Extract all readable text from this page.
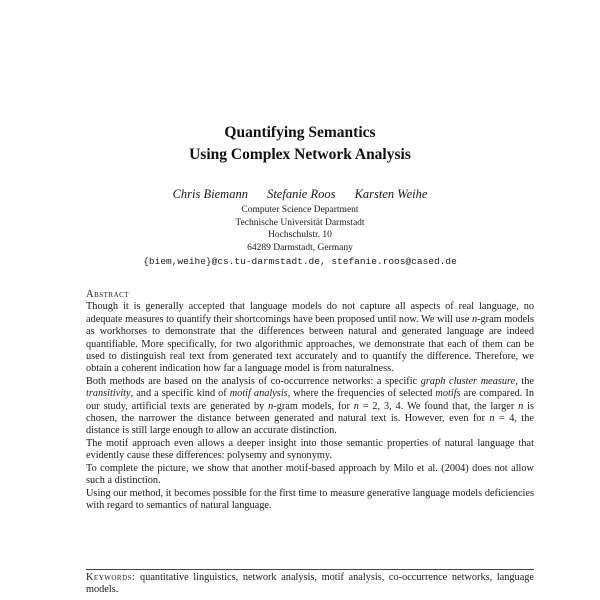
Quantifying Semantics
Using Complex Network Analysis
Chris Biemann Stefanie Roos Karsten Weihe
Computer Science Department
Technische Universität Darmstadt
Hochschulstr. 10
64289 Darmstadt, Germany
{biem,weihe}@cs.tu-darmstadt.de, stefanie.roos@cased.de

Abstract
Though it is generally accepted that language models do not capture all aspects of real language, no adequate measures to quantify their shortcomings have been proposed until now. We will use n-gram models as workhorses to demonstrate that the differences between natural and generated language are indeed quantifiable. More specifically, for two algorithmic approaches, we demonstrate that each of them can be used to distinguish real text from generated text accurately and to quantify the difference. Therefore, we obtain a coherent indication how far a language model is from naturalness.

Both methods are based on the analysis of co-occurrence networks: a specific graph cluster measure, the transitivity, and a specific kind of motif analysis, where the frequencies of selected motifs are compared. In our study, artificial texts are generated by n-gram models, for n = 2, 3, 4. We found that, the larger n is chosen, the narrower the distance between generated and natural text is. However, even for n = 4, the distance is still large enough to allow an accurate distinction.

The motif approach even allows a deeper insight into those semantic properties of natural language that evidently cause these differences: polysemy and synonymy.

To complete the picture, we show that another motif-based approach by Milo et al. (2004) does not allow such a distinction.

Using our method, it becomes possible for the first time to measure generative language models deficiencies with regard to semantics of natural language.

Keywords: quantitative linguistics, network analysis, motif analysis, co-occurrence networks, language models.
